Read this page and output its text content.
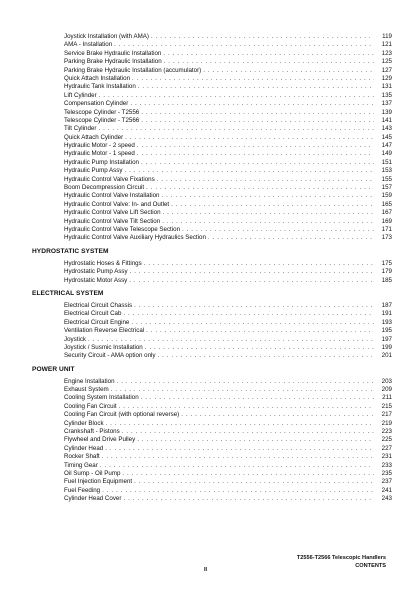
Joystick Installation (with AMA) . . .	119
AMA - Installation . . .	121
Service Brake Hydraulic Installation . . .	123
Parking Brake Hydraulic Installation . . .	125
Parking Brake Hydraulic Installation (accumulator) . . .	127
Quick Attach Installation . . .	129
Hydraulic Tank Installation . . .	131
Lift Cylinder . . .	135
Compensation Cylinder . . .	137
Telescope Cylinder - T2556 . . .	139
Telescope Cylinder - T2566 . . .	141
Tilt Cylinder . . .	143
Quick Attach Cylinder . . .	145
Hydraulic Motor - 2 speed . . .	147
Hydraulic Motor - 1 speed . . .	149
Hydraulic Pump Installation . . .	151
Hydraulic Pump Assy . . .	153
Hydraulic Control Valve Fixations . . .	155
Boom Decompression Circuit . . .	157
Hydraulic Control Valve Installation . . .	159
Hydraulic Control Valve: In- and Outlet . . .	165
Hydraulic Control Valve Lift Section . . .	167
Hydraulic Control Valve Tilt Section . . .	169
Hydraulic Control Valve Telescope Section . . .	171
Hydraulic Control Valve Auxiliary Hydraulics Section . . .	173
HYDROSTATIC SYSTEM
Hydrostatic Hoses & Fittings . . .	175
Hydrostatic Pump Assy . . .	179
Hydrostatic Motor Assy . . .	185
ELECTRICAL SYSTEM
Electrical Circuit Chassis . . .	187
Electrical Circuit Cab . . .	191
Electrical Circuit Engine . . .	193
Ventilation Reverse Electrical . . .	195
Joystick . . .	197
Joystick / Susmic Installation . . .	199
Security Circuit - AMA option only . . .	201
POWER UNIT
Engine Installation . . .	203
Exhaust System . . .	209
Cooling System Installation . . .	211
Cooling Fan Circuit . . .	215
Cooling Fan Circuit (with optional reverse) . . .	217
Cylinder Block . . .	219
Crankshaft - Pistons . . .	223
Flywheel and Drive Pulley . . .	225
Cylinder Head . . .	227
Rocker Shaft . . .	231
Timing Gear . . .	233
Oil Sump - Oil Pump . . .	235
Fuel Injection Equipment . . .	237
Fuel Feeding . . .	241
Cylinder Head Cover . . .	243
II
T2556-T2566 Telescopic Handlers
CONTENTS
